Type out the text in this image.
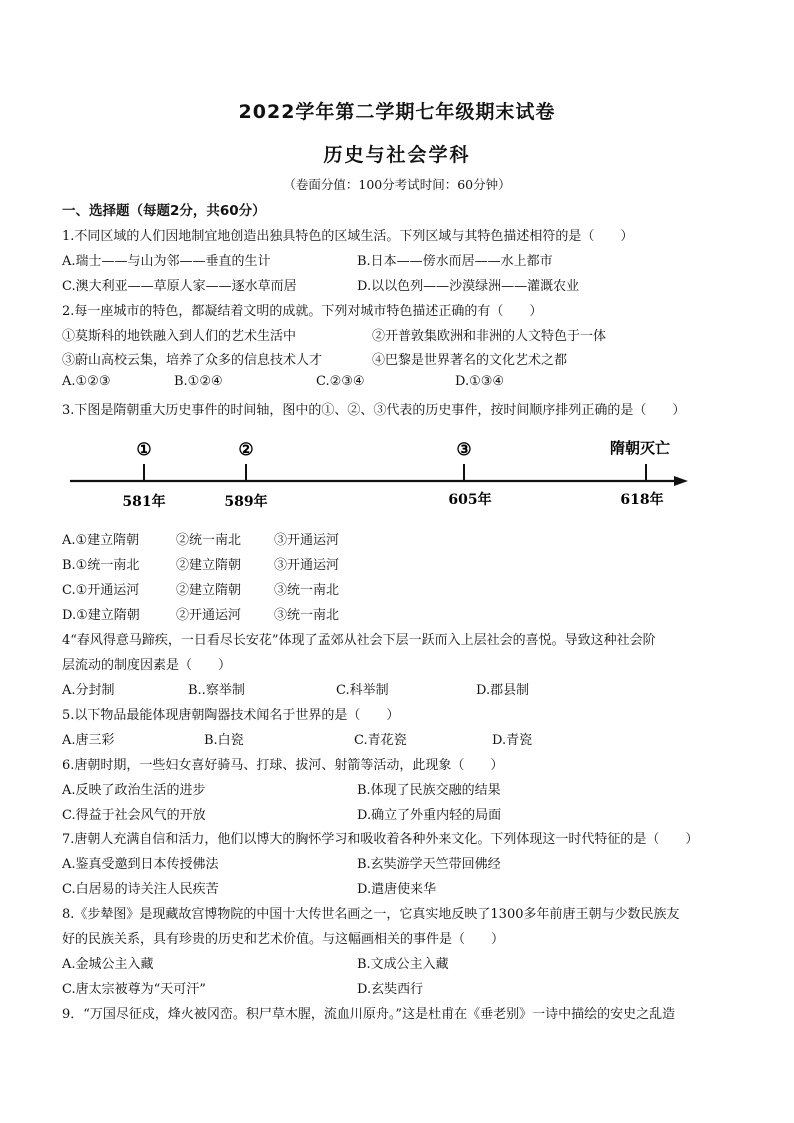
2022学年第二学期七年级期末试卷
历史与社会学科
（卷面分值：100分考试时间：60分钟）
一、选择题（每题2分，共60分）
1.不同区域的人们因地制宜地创造出独具特色的区域生活。下列区域与其特色描述相符的是（　　）
A.瑞士——与山为邻——垂直的生计	B.日本——傍水而居——水上都市
C.澳大利亚——草原人家——逐水草而居	D.以以色列——沙漠绿洲——灌溉农业
2.每一座城市的特色，都凝结着文明的成就。下列对城市特色描述正确的有（　　）
①莫斯科的地铁融入到人们的艺术生活中	②开普敦集欧洲和非洲的人文特色于一体
③蔚山高校云集，培养了众多的信息技术人才	④巴黎是世界著名的文化艺术之都
A.①②③	B.①②④	C.②③④	D.①③④
3.下图是隋朝重大历史事件的时间轴，图中的①、②、③代表的历史事件，按时间顺序排列正确的是（　　）
①	②	③	隋朝灭亡
581年	589年	605年	618年
A.①建立隋朝	②统一南北	③开通运河
B.①统一南北	②建立隋朝	③开通运河
C.①开通运河	②建立隋朝	③统一南北
D.①建立隋朝	②开通运河	③统一南北
4“春风得意马蹄疾，一日看尽长安花”体现了孟郊从社会下层一跃而入上层社会的喜悦。导致这种社会阶
层流动的制度因素是（　　）
A.分封制	B..察举制	C.科举制	D.郡县制
5.以下物品最能体现唐朝陶器技术闻名于世界的是（　　）
A.唐三彩	B.白瓷	C.青花瓷	D.青瓷
6.唐朝时期，一些妇女喜好骑马、打球、拔河、射箭等活动，此现象（　　）
A.反映了政治生活的进步	B.体现了民族交融的结果
C.得益于社会风气的开放	D.确立了外重内轻的局面
7.唐朝人充满自信和活力，他们以博大的胸怀学习和吸收着各种外来文化。下列体现这一时代特征的是（　　）
A.鉴真受邀到日本传授佛法	B.玄奘游学天竺带回佛经
C.白居易的诗关注人民疾苦	D.遣唐使来华
8.《步辇图》是现藏故宫博物院的中国十大传世名画之一，它真实地反映了1300多年前唐王朝与少数民族友
好的民族关系，具有珍贵的历史和艺术价值。与这幅画相关的事件是（　　）
A.金城公主入藏	B.文成公主入藏
C.唐太宗被尊为“天可汗”	D.玄奘西行
9．“万国尽征戍，烽火被冈峦。积尸草木腥，流血川原舟。”这是杜甫在《垂老别》一诗中描绘的安史之乱造
